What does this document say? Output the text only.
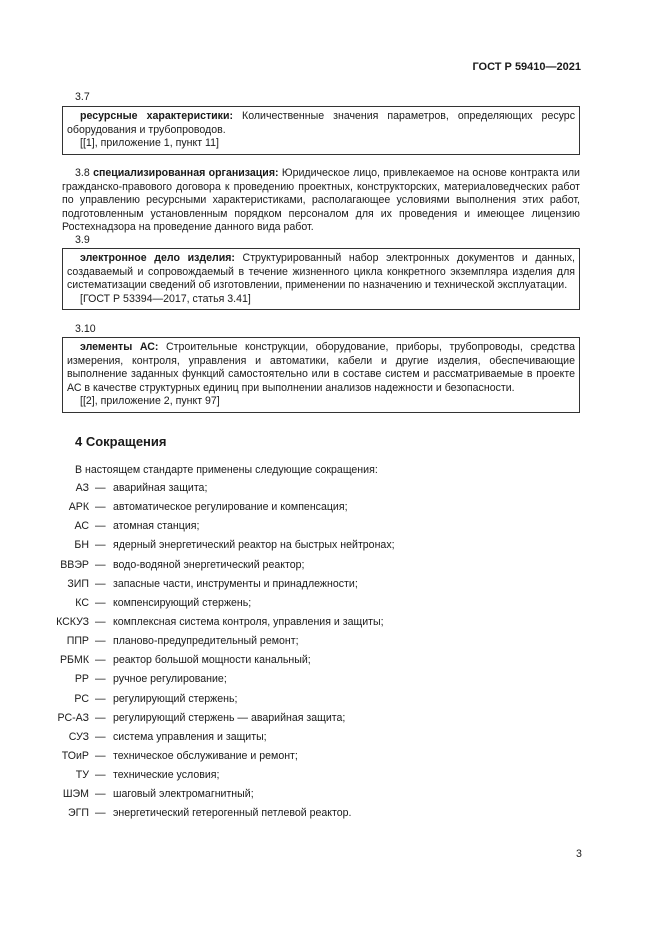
ГОСТ Р 59410—2021
3.7

ресурсные характеристики: Количественные значения параметров, определяющих ресурс оборудования и трубопроводов.

[[1], приложение 1, пункт 11]

3.8 специализированная организация: Юридическое лицо, привлекаемое на основе контракта или гражданско-правового договора к проведению проектных, конструкторских, материаловедческих работ по управлению ресурсными характеристиками, располагающее условиями выполнения этих работ, подготовленным установленным порядком персоналом для их проведения и имеющее лицензию Ростехнадзора на проведение данного вида работ.

3.9

электронное дело изделия: Структурированный набор электронных документов и данных, создаваемый и сопровождаемый в течение жизненного цикла конкретного экземпляра изделия для систематизации сведений об изготовлении, применении по назначению и технической эксплуатации.

[ГОСТ Р 53394—2017, статья 3.41]

3.10

элементы АС: Строительные конструкции, оборудование, приборы, трубопроводы, средства измерения, контроля, управления и автоматики, кабели и другие изделия, обеспечивающие выполнение заданных функций самостоятельно или в составе систем и рассматриваемые в проекте АС в качестве структурных единиц при выполнении анализов надежности и безопасности.

[[2], приложение 2, пункт 97]

4 Сокращения
В настоящем стандарте применены следующие сокращения:
АЗ — аварийная защита;
АРК — автоматическое регулирование и компенсация;
АС — атомная станция;
БН — ядерный энергетический реактор на быстрых нейтронах;
ВВЭР — водо-водяной энергетический реактор;
ЗИП — запасные части, инструменты и принадлежности;
КС — компенсирующий стержень;
КСКУЗ — комплексная система контроля, управления и защиты;
ППР — планово-предупредительный ремонт;
РБМК — реактор большой мощности канальный;
РР — ручное регулирование;
РС — регулирующий стержень;
РС-АЗ — регулирующий стержень — аварийная защита;
СУЗ — система управления и защиты;
ТОиР — техническое обслуживание и ремонт;
ТУ — технические условия;
ШЭМ — шаговый электромагнитный;
ЭГП — энергетический гетерогенный петлевой реактор.
3
